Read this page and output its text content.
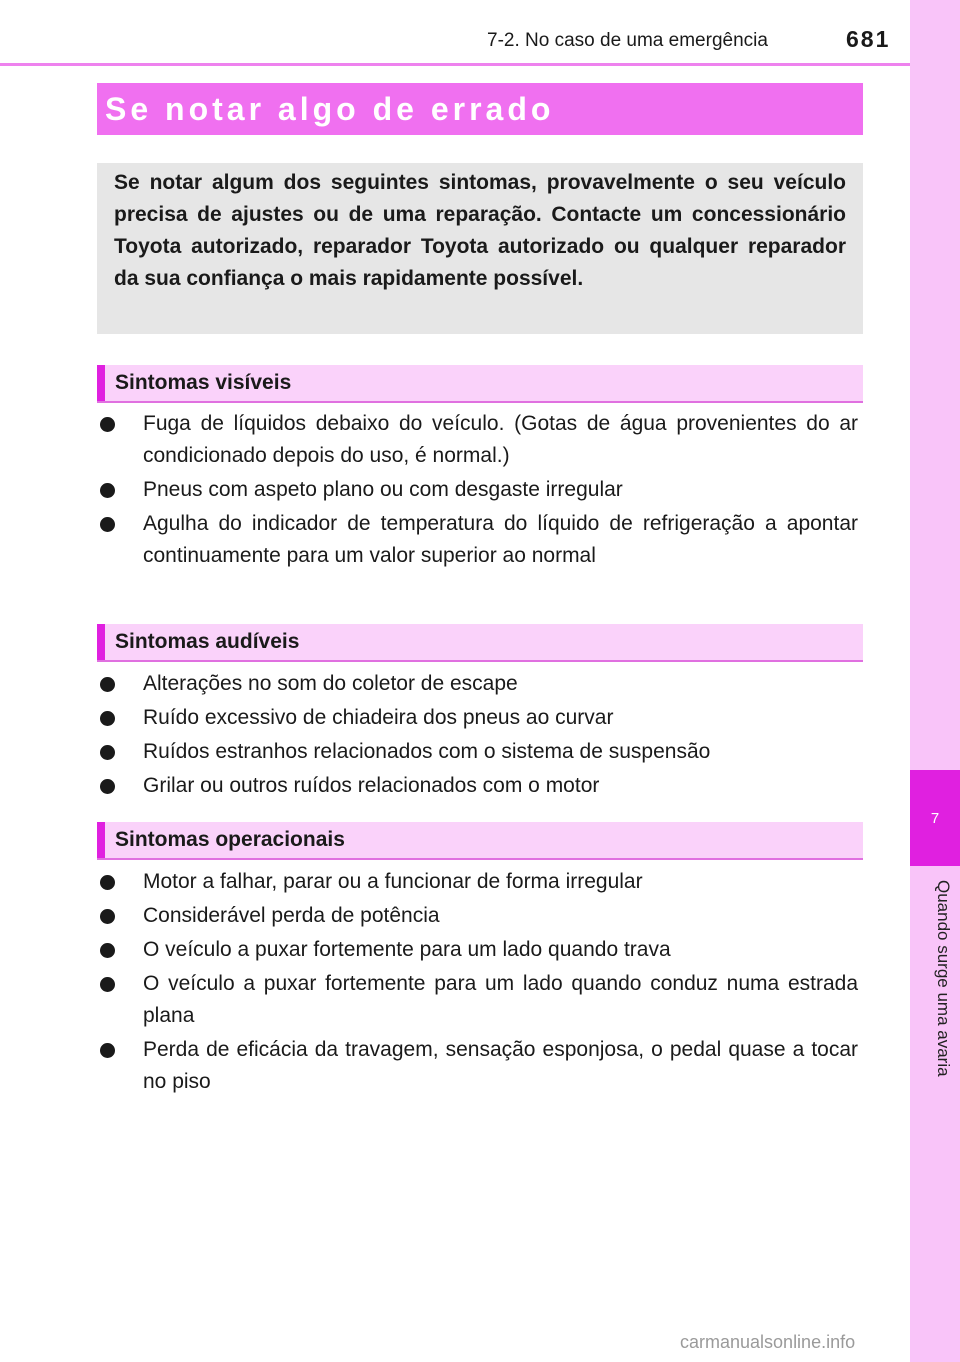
7-2. No caso de uma emergência	681
7
Quando surge uma avaria
Se notar algo de errado

Se notar algum dos seguintes sintomas, provavelmente o seu veículo precisa de ajustes ou de uma reparação. Contacte um concessionário Toyota autorizado, reparador Toyota autorizado ou qualquer reparador da sua confiança o mais rapidamente possível.

Sintomas visíveis
Fuga de líquidos debaixo do veículo. (Gotas de água provenientes do ar condicionado depois do uso, é normal.)
Pneus com aspeto plano ou com desgaste irregular
Agulha do indicador de temperatura do líquido de refrigeração a apontar continuamente para um valor superior ao normal
Sintomas audíveis
Alterações no som do coletor de escape
Ruído excessivo de chiadeira dos pneus ao curvar
Ruídos estranhos relacionados com o sistema de suspensão
Grilar ou outros ruídos relacionados com o motor
Sintomas operacionais
Motor a falhar, parar ou a funcionar de forma irregular
Considerável perda de potência
O veículo a puxar fortemente para um lado quando trava
O veículo a puxar fortemente para um lado quando conduz numa estrada plana
Perda de eficácia da travagem, sensação esponjosa, o pedal quase a tocar no piso
carmanualsonline.info
